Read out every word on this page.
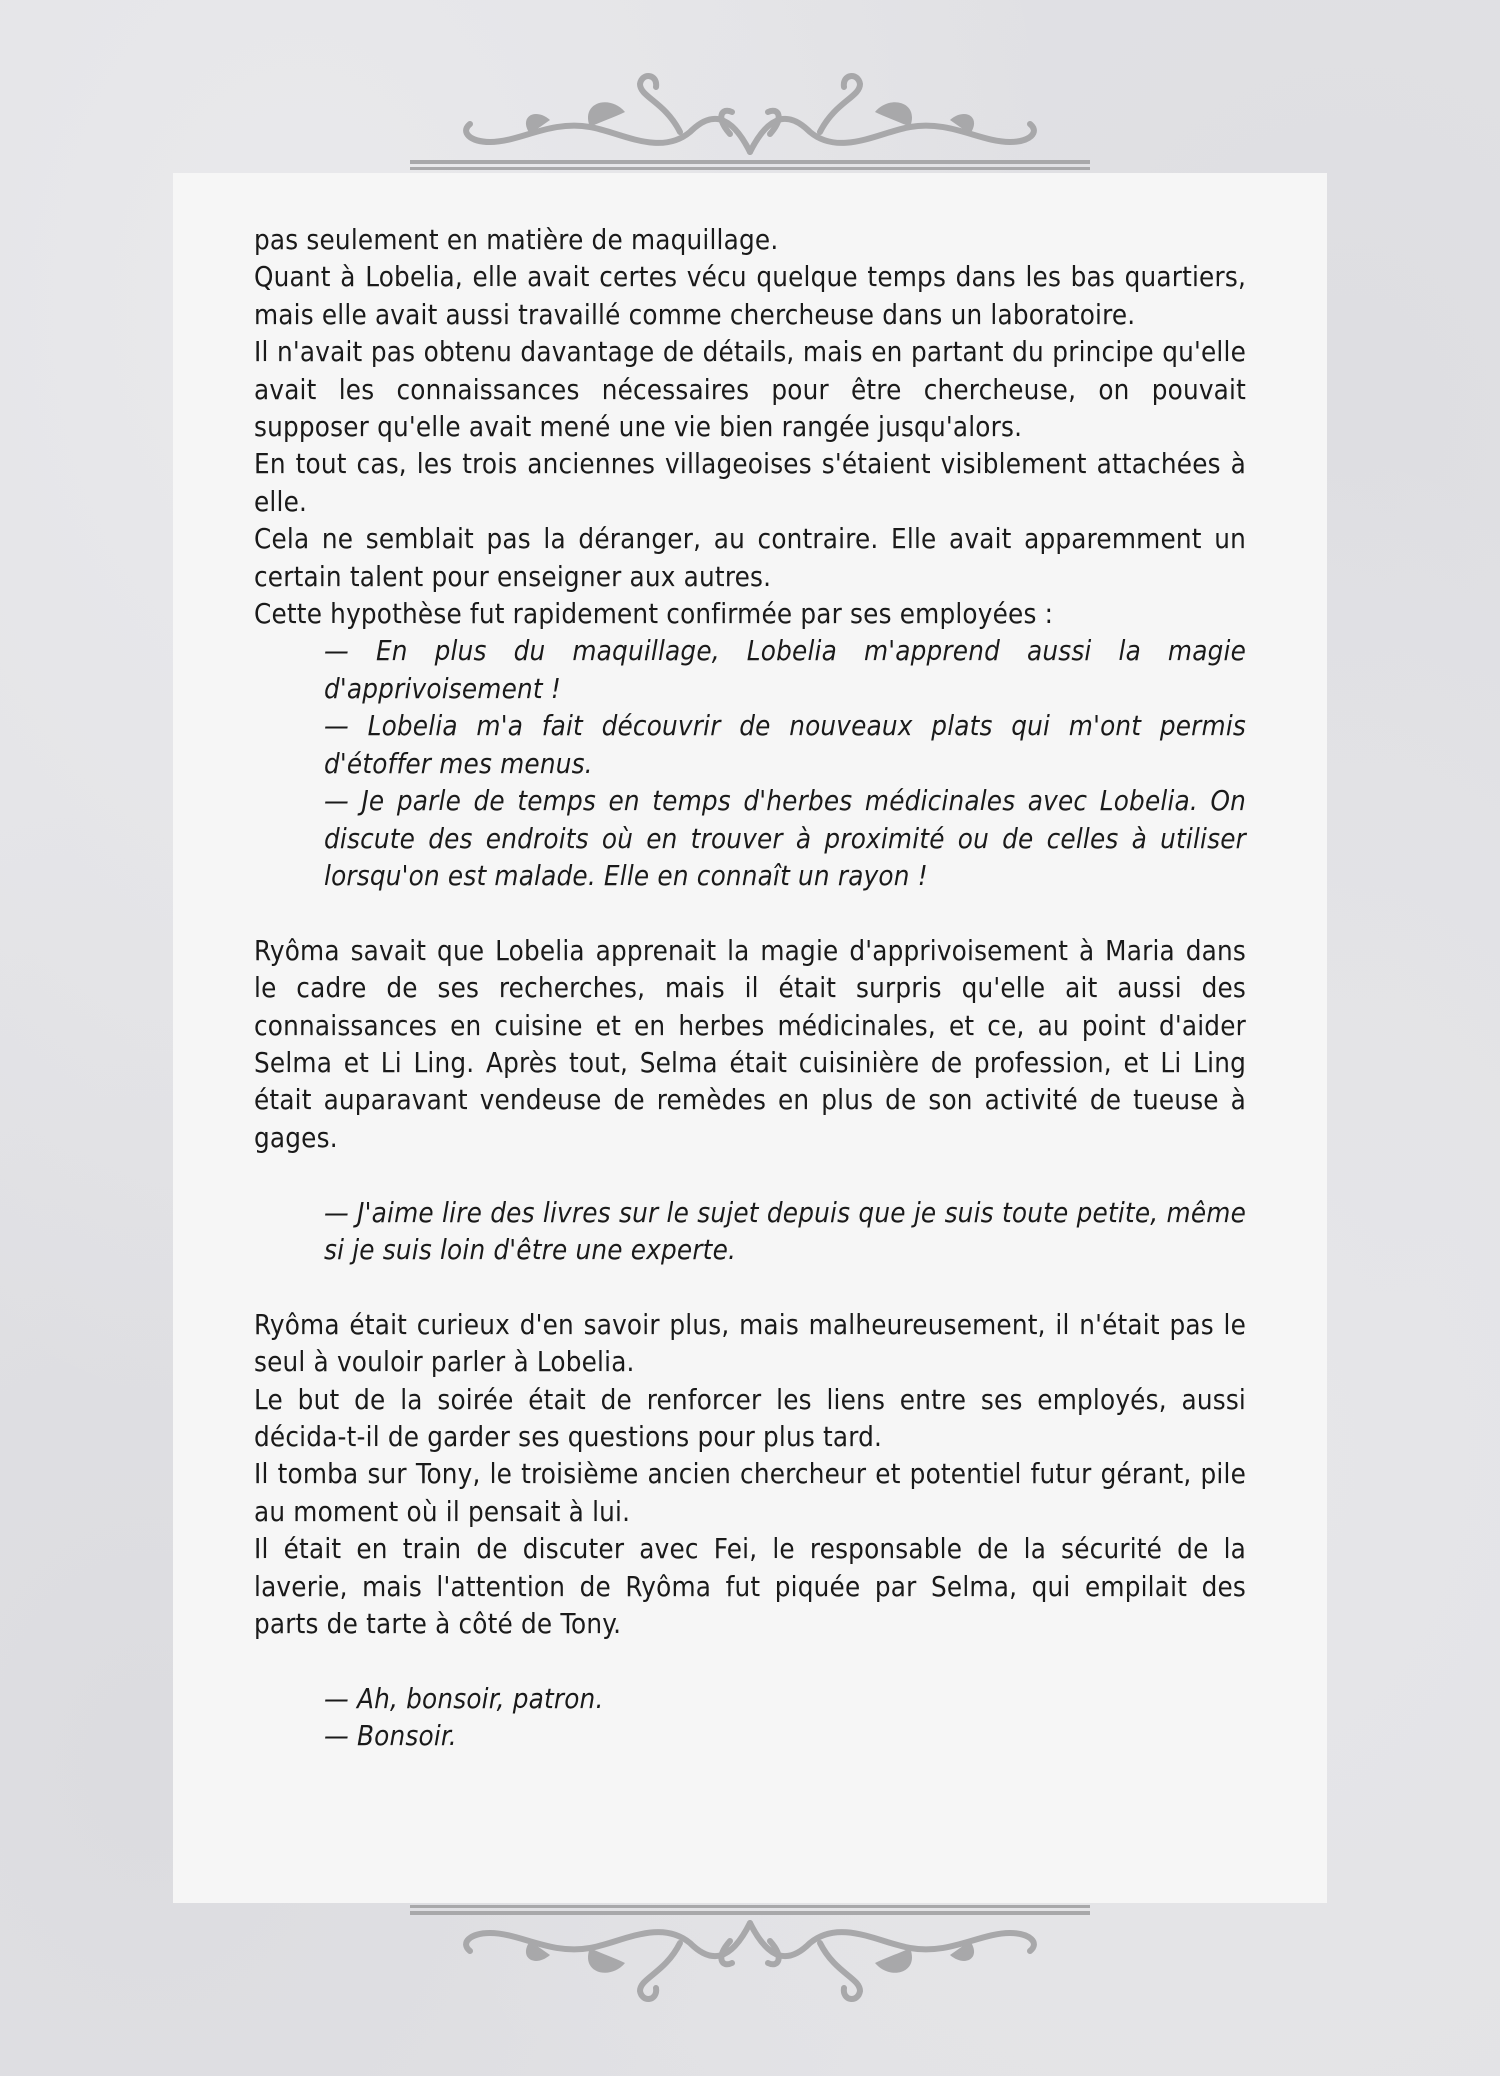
pas seulement en matière de maquillage.

Quant à Lobelia, elle avait certes vécu quelque temps dans les bas quartiers, mais elle avait aussi travaillé comme chercheuse dans un laboratoire.

Il n'avait pas obtenu davantage de détails, mais en partant du principe qu'elle avait les connaissances nécessaires pour être chercheuse, on pouvait supposer qu'elle avait mené une vie bien rangée jusqu'alors.

En tout cas, les trois anciennes villageoises s'étaient visiblement attachées à elle.

Cela ne semblait pas la déranger, au contraire. Elle avait apparemment un certain talent pour enseigner aux autres.

Cette hypothèse fut rapidement confirmée par ses employées :

— En plus du maquillage, Lobelia m'apprend aussi la magie d'apprivoisement !

— Lobelia m'a fait découvrir de nouveaux plats qui m'ont permis d'étoffer mes menus.

— Je parle de temps en temps d'herbes médicinales avec Lobelia. On discute des endroits où en trouver à proximité ou de celles à utiliser lorsqu'on est malade. Elle en connaît un rayon !

Ryôma savait que Lobelia apprenait la magie d'apprivoisement à Maria dans le cadre de ses recherches, mais il était surpris qu'elle ait aussi des connaissances en cuisine et en herbes médicinales, et ce, au point d'aider Selma et Li Ling. Après tout, Selma était cuisinière de profession, et Li Ling était auparavant vendeuse de remèdes en plus de son activité de tueuse à gages.

— J'aime lire des livres sur le sujet depuis que je suis toute petite, même si je suis loin d'être une experte.

Ryôma était curieux d'en savoir plus, mais malheureusement, il n'était pas le seul à vouloir parler à Lobelia.

Le but de la soirée était de renforcer les liens entre ses employés, aussi décida-t-il de garder ses questions pour plus tard.

Il tomba sur Tony, le troisième ancien chercheur et potentiel futur gérant, pile au moment où il pensait à lui.

Il était en train de discuter avec Fei, le responsable de la sécurité de la laverie, mais l'attention de Ryôma fut piquée par Selma, qui empilait des parts de tarte à côté de Tony.

— Ah, bonsoir, patron.

— Bonsoir.
